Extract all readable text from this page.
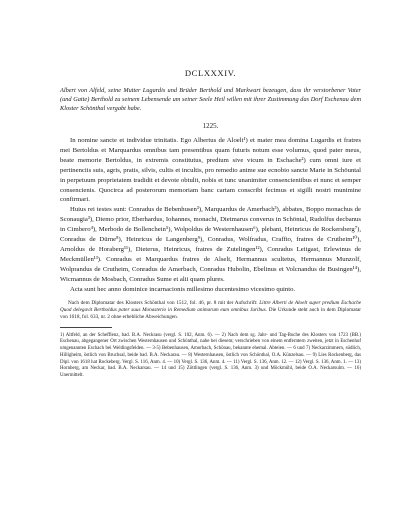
DCLXXXIV.

Albert von Alfeld, seine Mutter Lugardis und Brüder Berthold und Markwart bezeugen, dass ihr verstorbener Vater (und Gatte) Berthold zu seinem Lebensende um seiner Seele Heil willen mit ihrer Zustimmung das Dorf Eschenau dem Kloster Schönthal vergabt habe.

1225.

In nomine sancte et individue trinitatis. Ego Albertus de Aloelt¹) et mater mea domina Lugardis et fratres mei Bertoldus et Marquardus omnibus tam presentibus quam futuris notum esse volumus, quod pater meus, beate memorie Bertoldus, in extremis constitutus, predium sive vicum in Eschache²) cum omni iure et pertinenciis suis, agris, pratis, silvis, cultis et incultis, pro remedio anime sue ecnobio sancte Marie in Schöuntal in perpetuum proprietatem tradidit et devote obtulit, nobis et tunc unanimiter consencientibus et nunc et semper consencienis. Quocirca ad posterorum memoriam banc cartam conscribi fecimus et sigilli nostri munimine confirmari.

Huius rei testes sunt: Conradus de Bebenhusen³), Marquardus de Amerbach³), abbates, Boppo monachus de Sconaugia³), Diemo prior, Eberhardus, Iohannes, monachi, Dietmarus converus in Schöntal, Rudolfus decbanus in Cimbero⁴), Merbodo de Bollenchein⁵), Wolpoldus de Westernhausen⁶), plebani, Heinricus de Rockersberg⁷), Conradus de Dürne⁸), Heinricus de Langenberg⁹), Conradus, Wolfradus, Craffto, fratres de Crutheim¹⁰), Arnoldus de Horaberg¹¹), Dieterus, Heinricus, fratres de Zutelingen¹²), Conradus Leitgast, Erlewinus de Meckmüllen¹³). Conradus et Marquardus fratres de Alselt, Hermannus scultetus, Hermannus Munzolf, Wolprandus de Crutheim, Conradus de Amerbach, Conradus Hubolin, Ebelinus et Volcnandus de Busingen¹⁴), Wicmannus de Mosbach, Conradus Sume et alii quam plures.

Acta sunt hec anno dominice incarnacionis millesimo ducentesimo vicesimo quinto.

Nach dem Diplomatar des Klosters Schönthal von 1512, fol. 46, pr. 8 mit der Aufschrift: Littre Alberti de Aloelt super predium Eschache Quod delegavit Bertholdus pater suus Monasterio in Remedium animarum eum omnibus Juribus. Die Urkunde steht auch in dem Diplomatar von 1618, fol. 633, nr. 2 ohne erhebliche Abweichungen.

1) Altfeld, an der Schefflenz, bad. B.A. Neckrasu (vergl. S. 102, Anm. 6). — 2) Nach dem sg. Jahr- und Tag-Buche des Klosters von 1723 (BB.) Eschenau, abgegangener Ort zwischen Westernhausen und Schönthal, nahe bei diesem; verschrieben von einem entferntern zweiten, jetzt in Eschenhof umgenannten Eschach bei Weldingsfelden. — 3-5) Bebenhausen, Amorbach, Schönau, bekannte ehemal. Abteien. — 6 und 7) Neckarzimmern, südlich, Hilligheim, östlich von Bruchsal, beide bad. B.A. Neckarau. — 8) Westernhausen, östlich von Schönthal, O.A. Künzelsau. — 9) Lies Rockenberg, das Dipl. von 1618 hat Rockeberg. Vergl. S. 116, Anm. 4. — 10) Vergl. S. 136, Anm. 4. — 11) Vergl. S. 136, Anm. 12. — 12) Vergl. S. 136, Anm. 1. — 13) Hornberg, am Neckar, bad. B.A. Neckarsau. — 14 und 15) Zöttlingen (vergl. S. 136, Anm. 3) und Möckmühl, beide O.A. Neckarsulm. — 16) Unermittelt.
